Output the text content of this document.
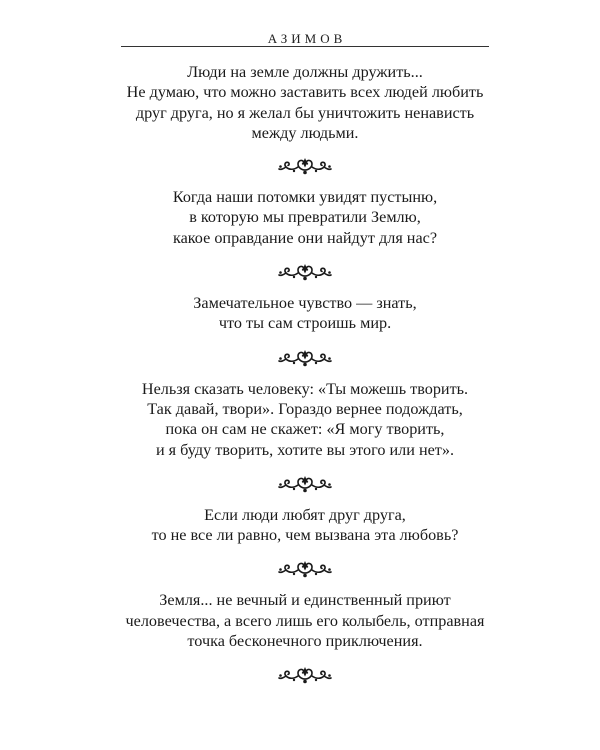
АЗИМОВ

Люди на земле должны дружить...
Не думаю, что можно заставить всех людей любить
друг друга, но я желал бы уничтожить ненависть
между людьми.

Когда наши потомки увидят пустыню,
в которую мы превратили Землю,
какое оправдание они найдут для нас?

Замечательное чувство — знать,
что ты сам строишь мир.

Нельзя сказать человеку: «Ты можешь творить.
Так давай, твори». Гораздо вернее подождать,
пока он сам не скажет: «Я могу творить,
и я буду творить, хотите вы этого или нет».

Если люди любят друг друга,
то не все ли равно, чем вызвана эта любовь?

Земля... не вечный и единственный приют
человечества, а всего лишь его колыбель, отправная
точка бесконечного приключения.
